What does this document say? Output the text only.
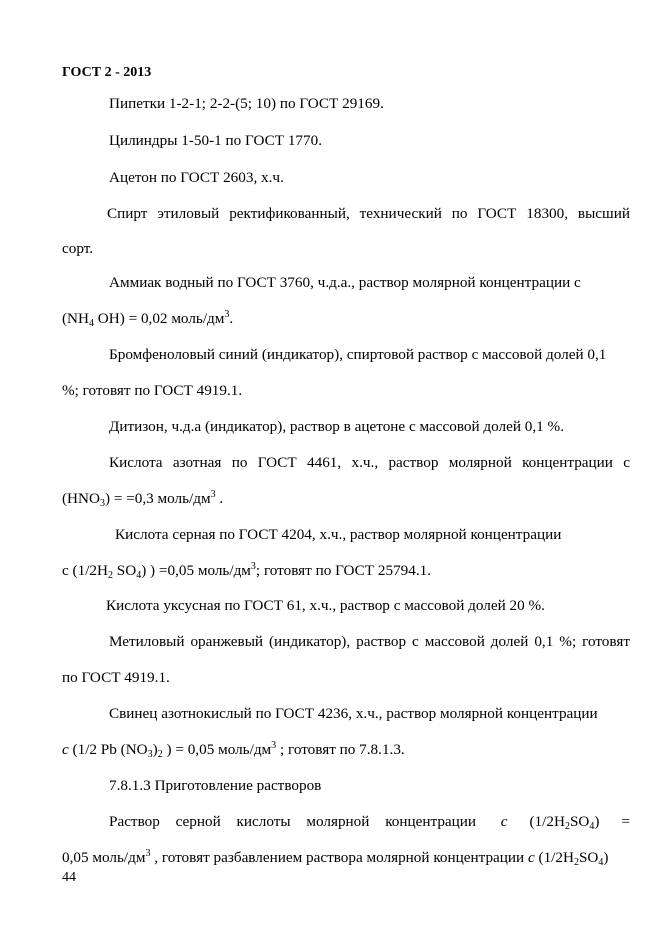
ГОСТ 2 - 2013
Пипетки 1-2-1; 2-2-(5; 10) по ГОСТ 29169.
Цилиндры 1-50-1 по ГОСТ 1770.
Ацетон по ГОСТ 2603, х.ч.
Спирт этиловый ректификованный, технический по ГОСТ 18300, высший
сорт.
Аммиак водный по ГОСТ 3760, ч.д.а., раствор молярной концентрации с
($NH_4$ OH) = 0,02 моль/$дм^3$.
Бромфеноловый синий (индикатор), спиртовой раствор с массовой долей 0,1
%; готовят по ГОСТ 4919.1.
Дитизон, ч.д.а (индикатор), раствор в ацетоне с массовой долей 0,1 %.
Кислота азотная по ГОСТ 4461, х.ч., раствор молярной концентрации с
$(HNO_3) = =0,3$ моль/$дм^3$ .
Кислота серная по ГОСТ 4204, х.ч., раствор молярной концентрации
с ($1/2H_2$ $SO_4$) ) =0,05 моль/$дм^3$; готовят по ГОСТ 25794.1.
Кислота уксусная по ГОСТ 61, х.ч., раствор с массовой долей 20 %.
Метиловый оранжевый (индикатор), раствор с массовой долей 0,1 %; готовят
по ГОСТ 4919.1.
Свинец азотнокислый по ГОСТ 4236, х.ч., раствор молярной концентрации
с (1/2 Pb $(NO_3)_2$ ) = 0,05 моль/$дм^3$ ; готовят по 7.8.1.3.
7.8.1.3 Приготовление растворов
Раствор серной кислоты молярной концентрации с $(1/2H_2SO_4)$ =
0,05 моль/$дм^3$ , готовят разбавлением раствора молярной концентрации с $(1/2H_2SO_4)$
44
